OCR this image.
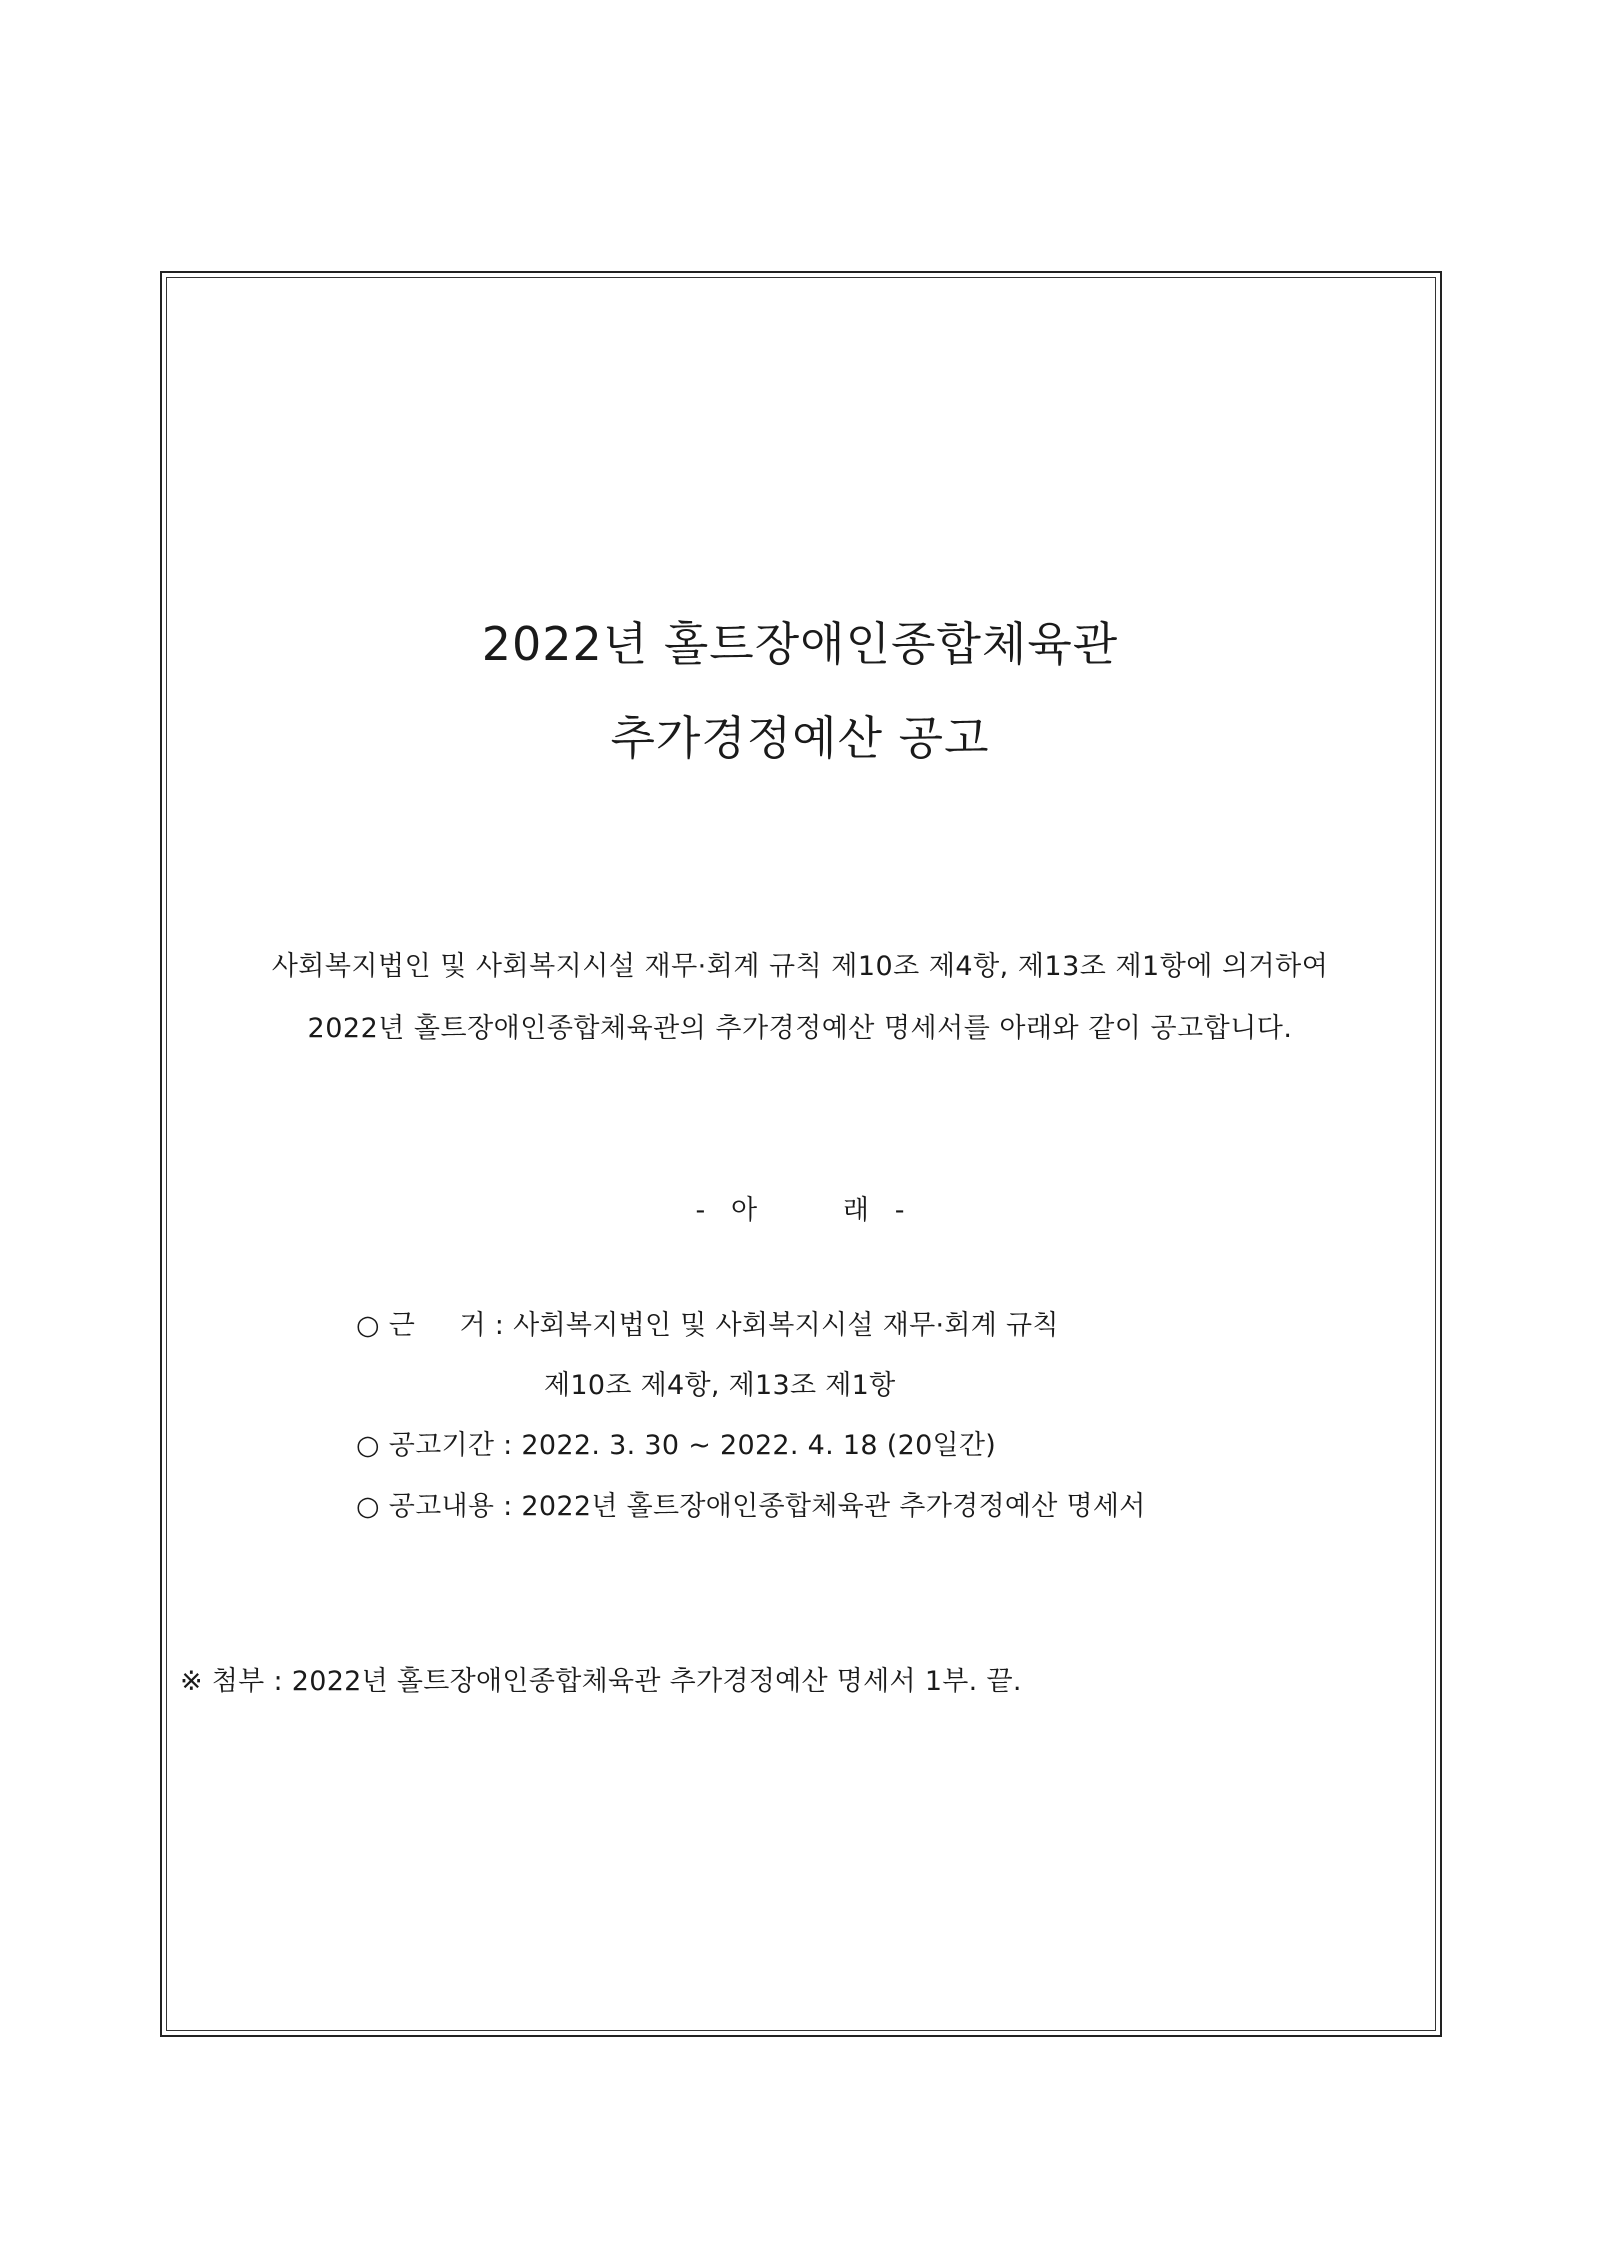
2022년 홀트장애인종합체육관
추가경정예산 공고
사회복지법인 및 사회복지시설 재무·회계 규칙 제10조 제4항, 제13조 제1항에 의거하여
2022년 홀트장애인종합체육관의 추가경정예산 명세서를 아래와 같이 공고합니다.
-   아          래   -
○ 근     거 : 사회복지법인 및 사회복지시설 재무·회계 규칙
제10조 제4항, 제13조 제1항
○ 공고기간 : 2022. 3. 30 ~ 2022. 4. 18 (20일간)
○ 공고내용 : 2022년 홀트장애인종합체육관 추가경정예산 명세서
※ 첨부 : 2022년 홀트장애인종합체육관 추가경정예산 명세서 1부. 끝.
